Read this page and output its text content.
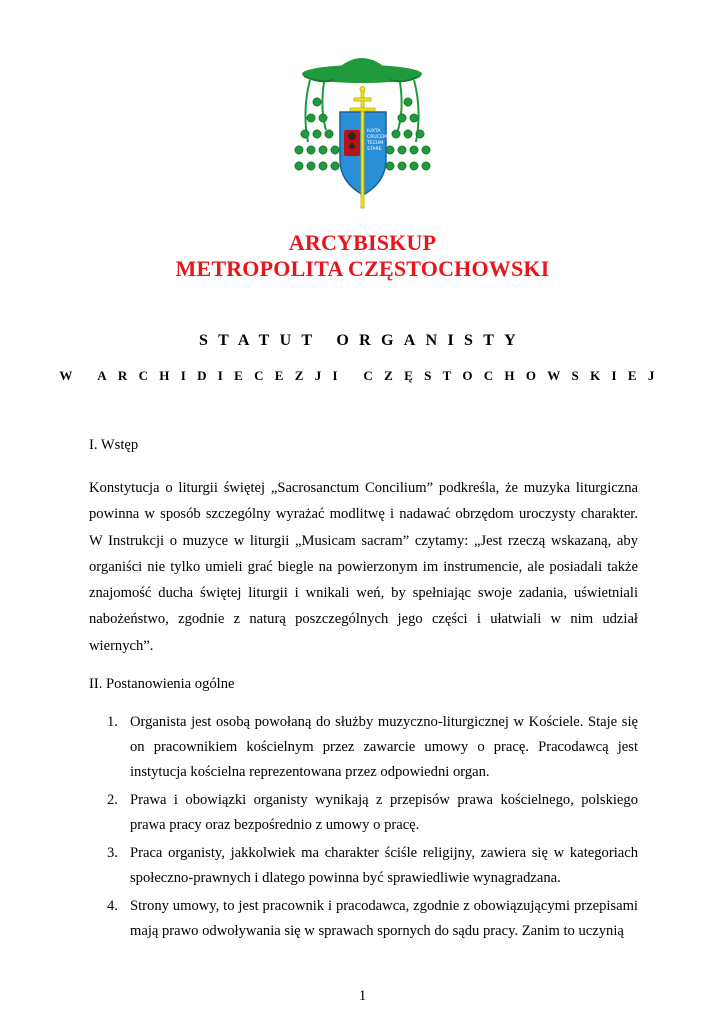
IUXTA
CRUCEM
TECUM
STARE
ARCYBISKUP
METROPOLITA CZĘSTOCHOWSKI
STATUT ORGANISTY
W ARCHIDIECEZJI CZĘSTOCHOWSKIEJ
I. Wstęp
Konstytucja o liturgii świętej „Sacrosanctum Concilium” podkreśla, że muzyka liturgiczna powinna w sposób szczególny wyrażać modlitwę i nadawać obrzędom uroczysty charakter. W Instrukcji o muzyce w liturgii „Musicam sacram” czytamy: „Jest rzeczą wskazaną, aby organiści nie tylko umieli grać biegle na powierzonym im instrumencie, ale posiadali także znajomość ducha świętej liturgii i wnikali weń, by spełniając swoje zadania, uświetniali nabożeństwo, zgodnie z naturą poszczególnych jego części i ułatwiali w nim udział wiernych”.
II. Postanowienia ogólne
1. Organista jest osobą powołaną do służby muzyczno-liturgicznej w Kościele. Staje się on pracownikiem kościelnym przez zawarcie umowy o pracę. Pracodawcą jest instytucja kościelna reprezentowana przez odpowiedni organ.
2. Prawa i obowiązki organisty wynikają z przepisów prawa kościelnego, polskiego prawa pracy oraz bezpośrednio z umowy o pracę.
3. Praca organisty, jakkolwiek ma charakter ściśle religijny, zawiera się w kategoriach społeczno-prawnych i dlatego powinna być sprawiedliwie wynagradzana.
4. Strony umowy, to jest pracownik i pracodawca, zgodnie z obowiązującymi przepisami mają prawo odwoływania się w sprawach spornych do sądu pracy. Zanim to uczynią
1
